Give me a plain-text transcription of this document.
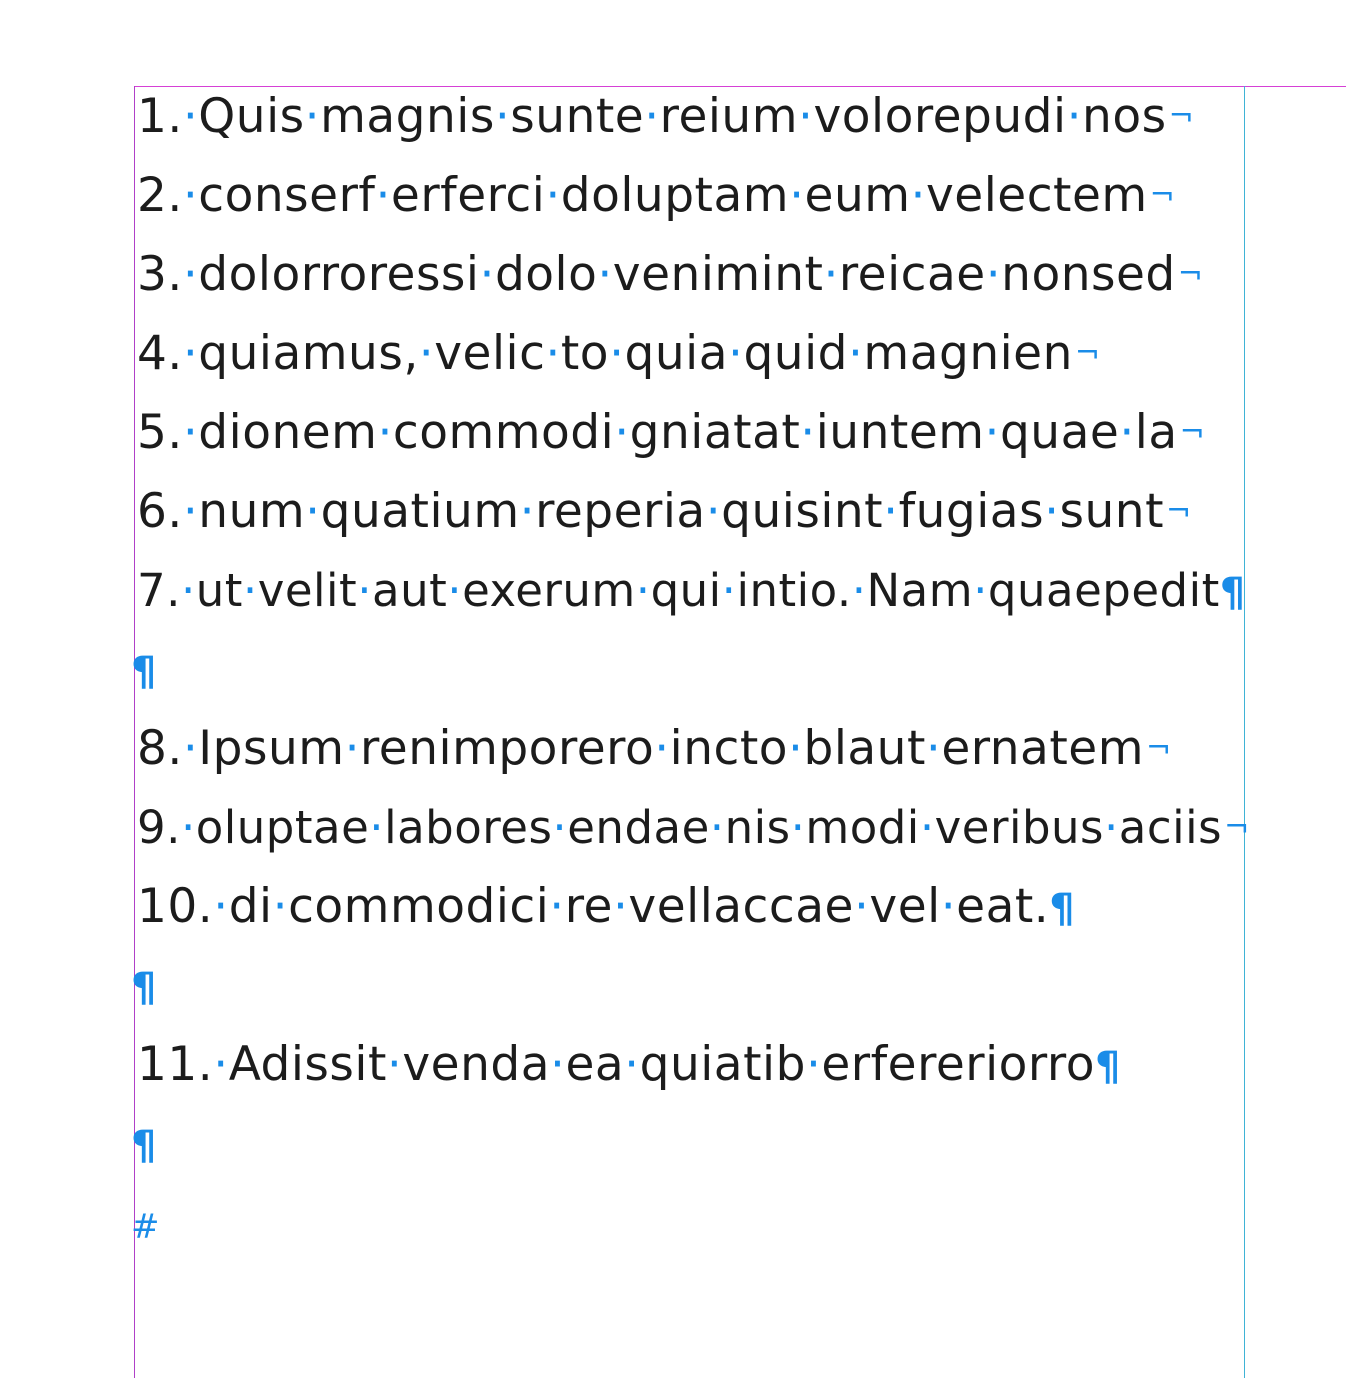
1.·Quis·magnis·sunte·reium·volorepudi·nos¬
2.·conserf·erferci·doluptam·eum·velectem¬
3.·dolorroressi·dolo·venimint·reicae·nonsed¬
4.·quiamus,·velic·to·quia·quid·magnien¬
5.·dionem·commodi·gniatat·iuntem·quae·la¬
6.·num·quatium·reperia·quisint·fugias·sunt¬
7.·ut·velit·aut·exerum·qui·intio.·Nam·quaepedit¶
¶
8.·Ipsum·renimporero·incto·blaut·ernatem¬
9.·oluptae·labores·endae·nis·modi·veribus·aciis¬
10.·di·commodici·re·vellaccae·vel·eat.¶
¶
11.·Adissit·venda·ea·quiatib·erfereriorro¶
¶
#
